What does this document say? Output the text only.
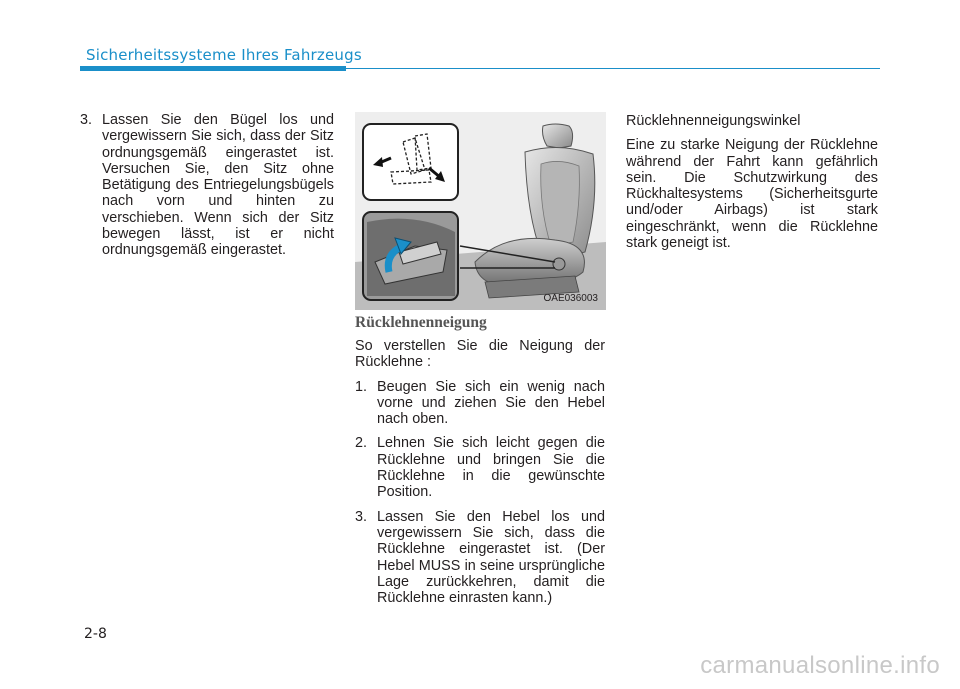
Sicherheitssysteme Ihres Fahrzeugs
3. Lassen Sie den Bügel los und vergewissern Sie sich, dass der Sitz ordnungsgemäß eingerastet ist. Versuchen Sie, den Sitz ohne Betätigung des Entriegelungsbügels nach vorn und hinten zu verschieben. Wenn sich der Sitz bewegen lässt, ist er nicht ordnungsgemäß eingerastet.
OAE036003
Rücklehnenneigung

So verstellen Sie die Neigung der Rücklehne :

1. Beugen Sie sich ein wenig nach vorne und ziehen Sie den Hebel nach oben.
2. Lehnen Sie sich leicht gegen die Rücklehne und bringen Sie die Rücklehne in die gewünschte Position.
3. Lassen Sie den Hebel los und vergewissern Sie sich, dass die Rücklehne eingerastet ist. (Der Hebel MUSS in seine ursprüngliche Lage zurückkehren, damit die Rücklehne einrasten kann.)

Rücklehnenneigungswinkel

Eine zu starke Neigung der Rücklehne während der Fahrt kann gefährlich sein. Die Schutzwirkung des Rückhaltesystems (Sicherheitsgurte und/oder Airbags) ist stark eingeschränkt, wenn die Rücklehne stark geneigt ist.

2-8
carmanualsonline.info
